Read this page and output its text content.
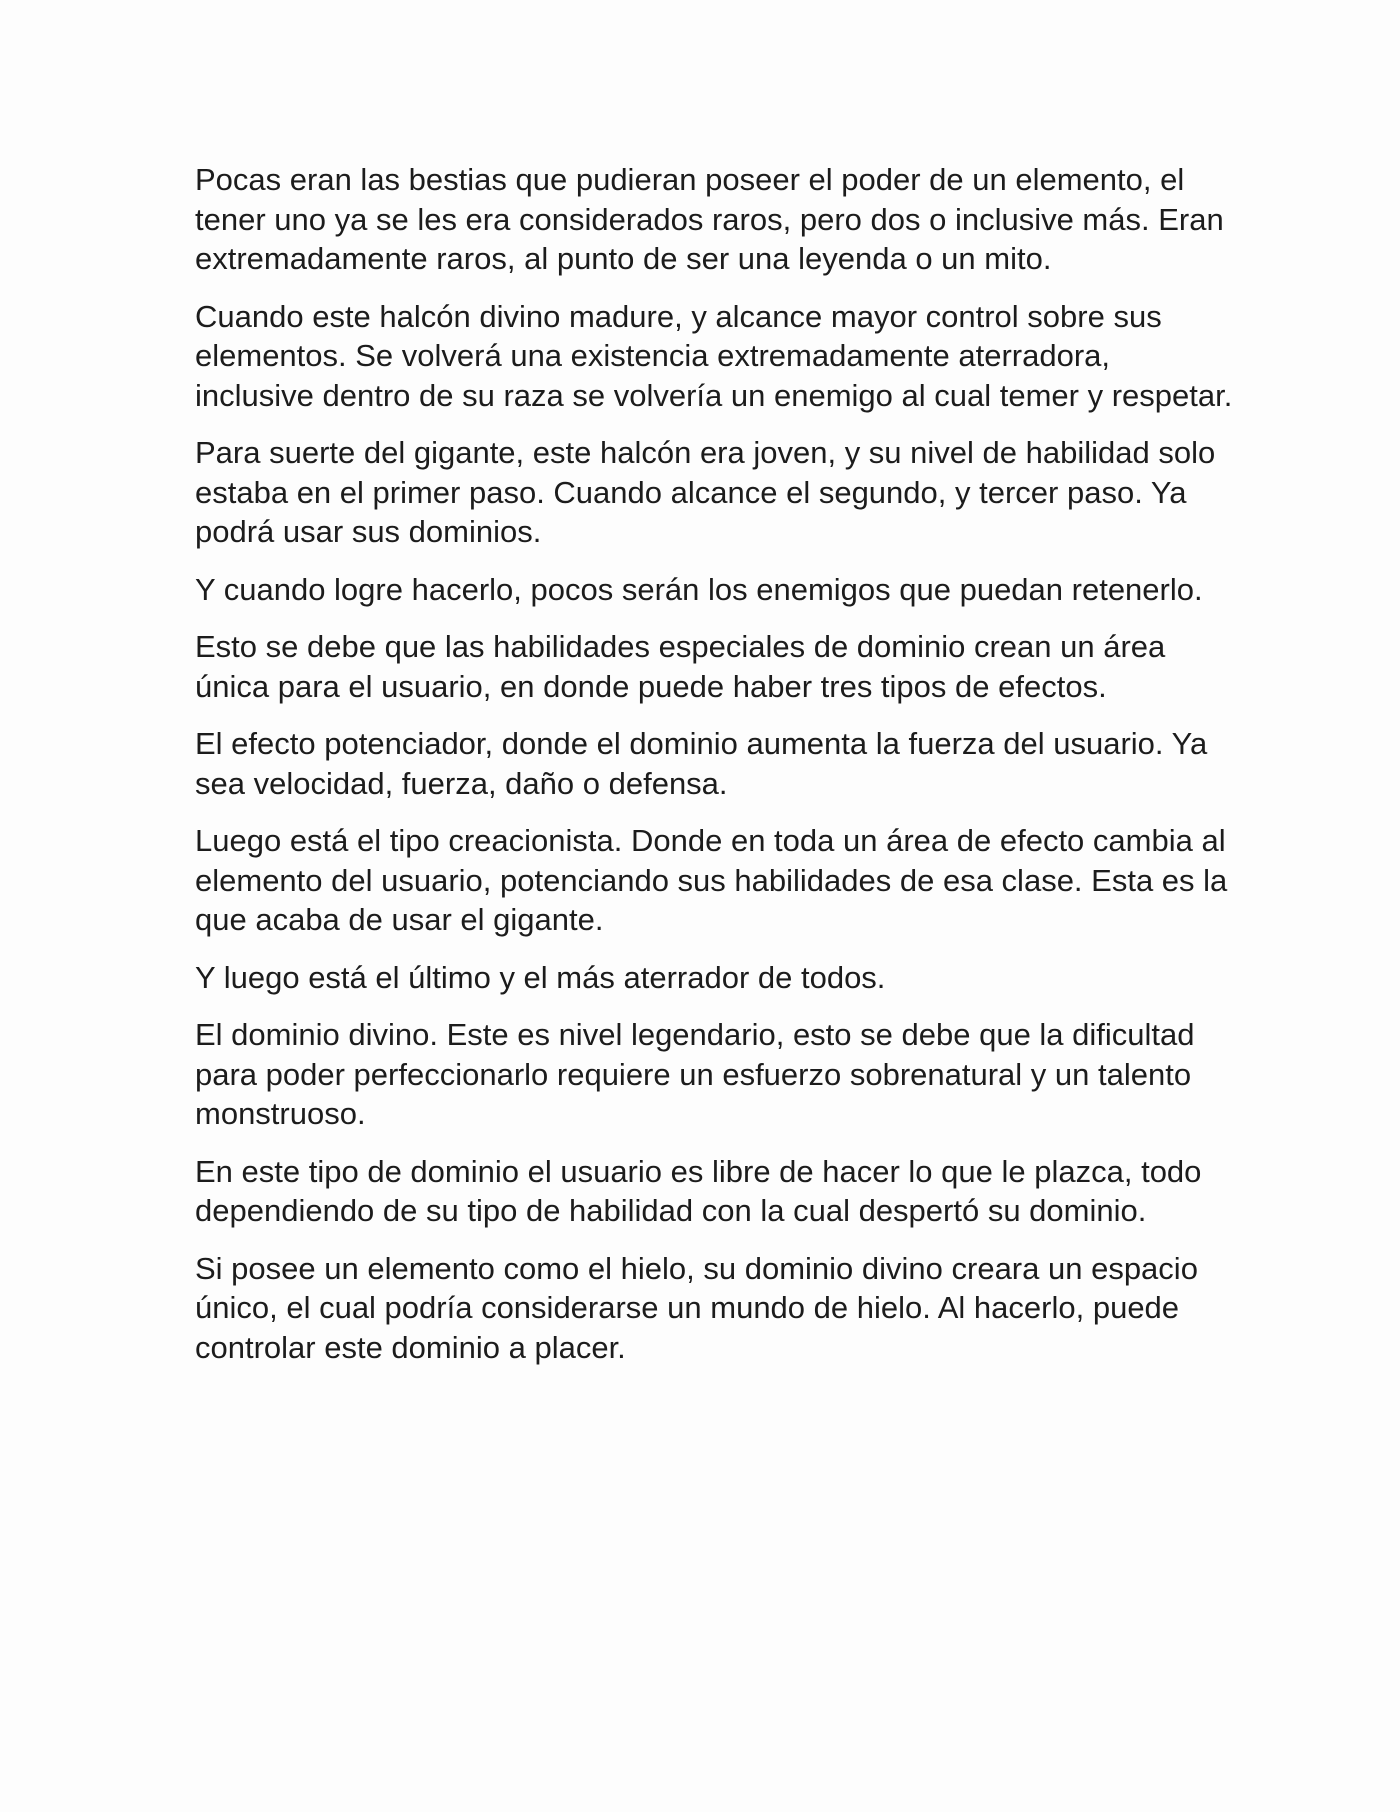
Pocas eran las bestias que pudieran poseer el poder de un elemento, el tener uno ya se les era considerados raros, pero dos o inclusive más. Eran extremadamente raros, al punto de ser una leyenda o un mito.

Cuando este halcón divino madure, y alcance mayor control sobre sus elementos. Se volverá una existencia extremadamente aterradora, inclusive dentro de su raza se volvería un enemigo al cual temer y respetar.

Para suerte del gigante, este halcón era joven, y su nivel de habilidad solo estaba en el primer paso. Cuando alcance el segundo, y tercer paso. Ya podrá usar sus dominios.

Y cuando logre hacerlo, pocos serán los enemigos que puedan retenerlo.

Esto se debe que las habilidades especiales de dominio crean un área única para el usuario, en donde puede haber tres tipos de efectos.

El efecto potenciador, donde el dominio aumenta la fuerza del usuario. Ya sea velocidad, fuerza, daño o defensa.

Luego está el tipo creacionista. Donde en toda un área de efecto cambia al elemento del usuario, potenciando sus habilidades de esa clase. Esta es la que acaba de usar el gigante.

Y luego está el último y el más aterrador de todos.

El dominio divino. Este es nivel legendario, esto se debe que la dificultad para poder perfeccionarlo requiere un esfuerzo sobrenatural y un talento monstruoso.

En este tipo de dominio el usuario es libre de hacer lo que le plazca, todo dependiendo de su tipo de habilidad con la cual despertó su dominio.

Si posee un elemento como el hielo, su dominio divino creara un espacio único, el cual podría considerarse un mundo de hielo. Al hacerlo, puede controlar este dominio a placer.
